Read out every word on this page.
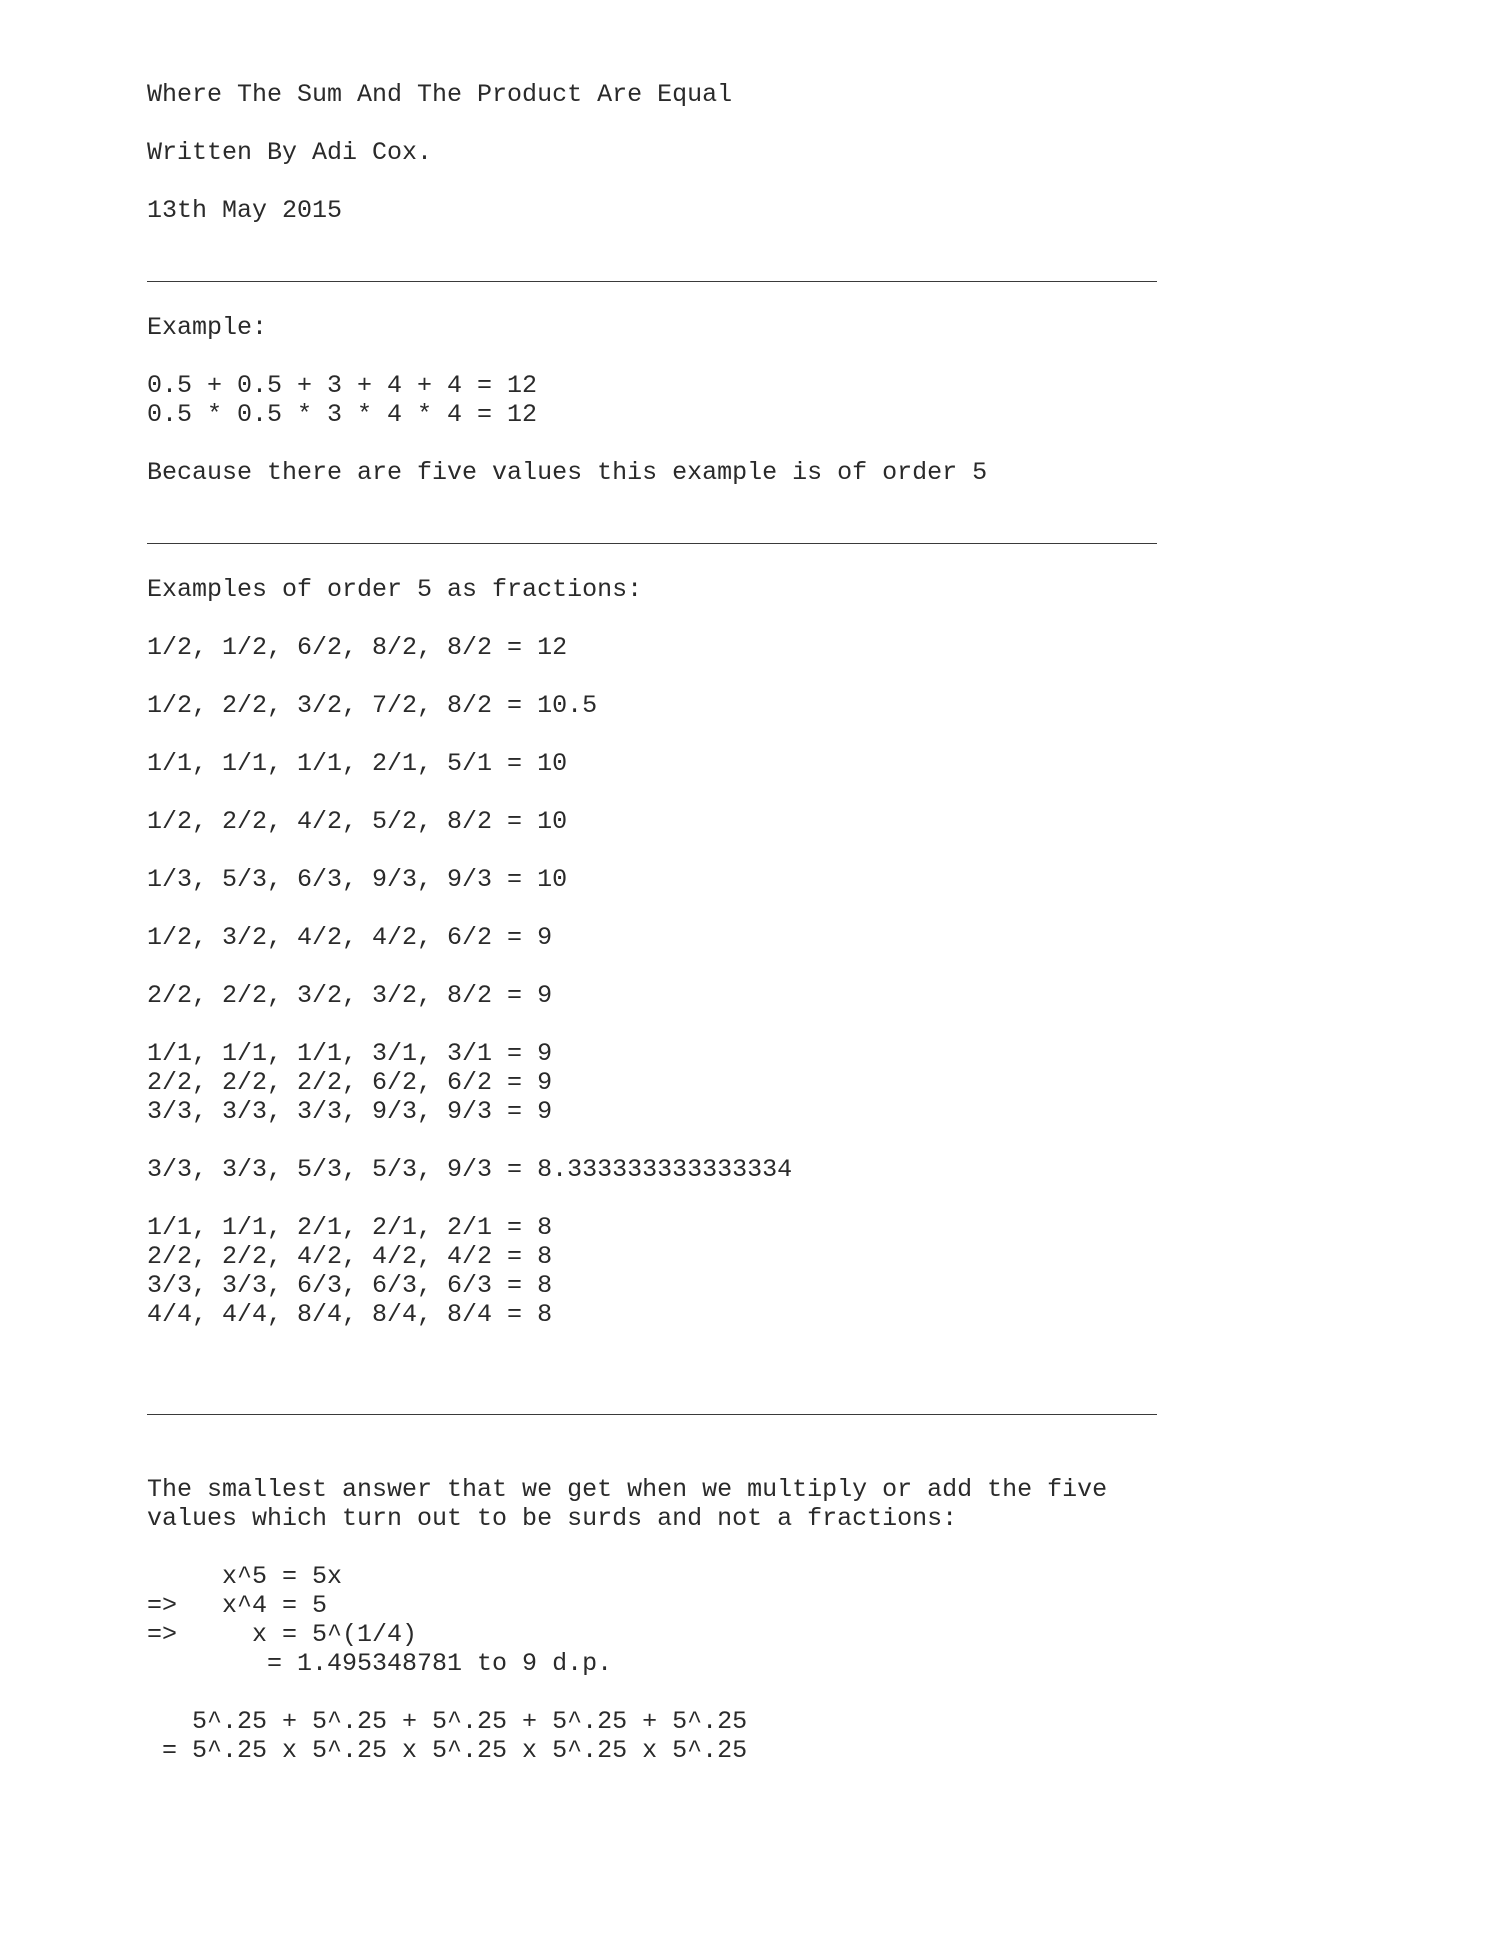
Where The Sum And The Product Are Equal

Written By Adi Cox.

13th May 2015

Example:

0.5 + 0.5 + 3 + 4 + 4 = 12

0.5 * 0.5 * 3 * 4 * 4 = 12

Because there are five values this example is of order 5

Examples of order 5 as fractions:

1/2, 1/2, 6/2, 8/2, 8/2 = 12

1/2, 2/2, 3/2, 7/2, 8/2 = 10.5

1/1, 1/1, 1/1, 2/1, 5/1 = 10

1/2, 2/2, 4/2, 5/2, 8/2 = 10

1/3, 5/3, 6/3, 9/3, 9/3 = 10

1/2, 3/2, 4/2, 4/2, 6/2 = 9

2/2, 2/2, 3/2, 3/2, 8/2 = 9

1/1, 1/1, 1/1, 3/1, 3/1 = 9

2/2, 2/2, 2/2, 6/2, 6/2 = 9

3/3, 3/3, 3/3, 9/3, 9/3 = 9

3/3, 3/3, 5/3, 5/3, 9/3 = 8.333333333333334

1/1, 1/1, 2/1, 2/1, 2/1 = 8

2/2, 2/2, 4/2, 4/2, 4/2 = 8

3/3, 3/3, 6/3, 6/3, 6/3 = 8

4/4, 4/4, 8/4, 8/4, 8/4 = 8

The smallest answer that we get when we multiply or add the five

values which turn out to be surds and not a fractions:

x^5 = 5x

=>   x^4 = 5

=>     x = 5^(1/4)

= 1.495348781 to 9 d.p.

5^.25 + 5^.25 + 5^.25 + 5^.25 + 5^.25

= 5^.25 x 5^.25 x 5^.25 x 5^.25 x 5^.25
